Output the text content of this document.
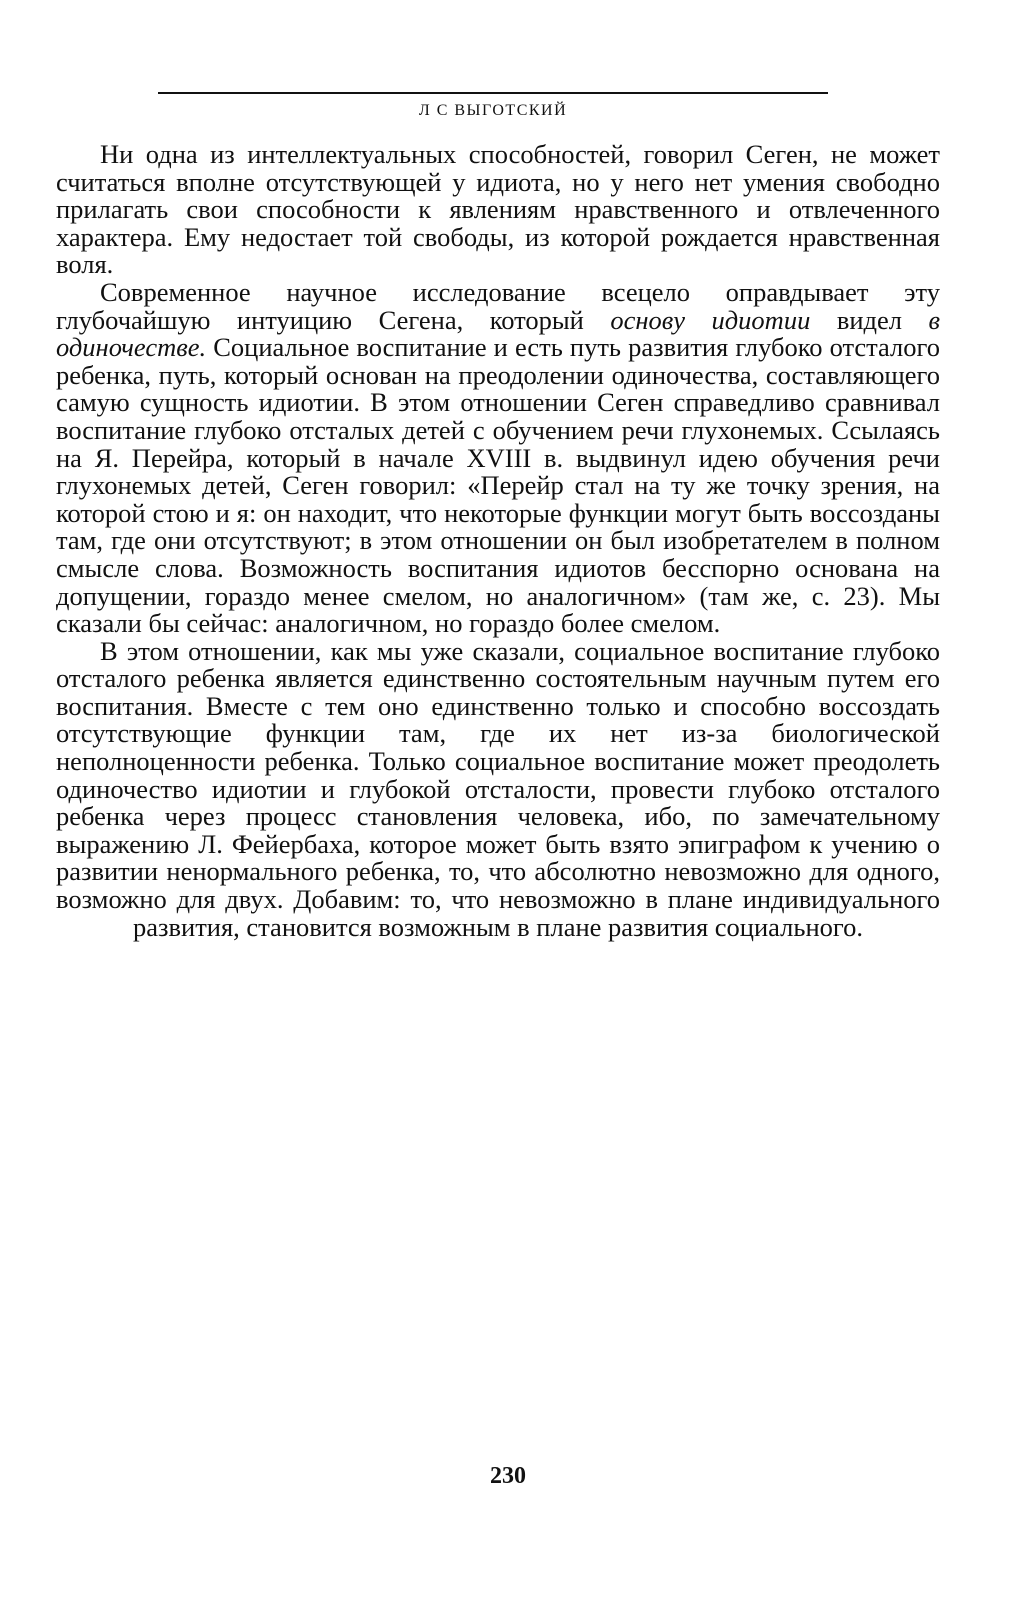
Л С ВЫГОТСКИЙ

Ни одна из интеллектуальных способностей, говорил Сеген, не может считаться вполне отсутствующей у идиота, но у него нет умения свободно прилагать свои способности к явлениям нравственного и отвлеченного характера. Ему недостает той свободы, из которой рождается нравственная воля.

Современное научное исследование всецело оправдывает эту глубочайшую интуицию Сегена, который основу идиотии видел в одиночестве. Социальное воспитание и есть путь развития глубоко отсталого ребенка, путь, который основан на преодолении одиночества, составляющего самую сущность идиотии. В этом отношении Сеген справедливо сравнивал воспитание глубоко отсталых детей с обучением речи глухонемых. Ссылаясь на Я. Перейра, который в начале XVIII в. выдвинул идею обучения речи глухонемых детей, Сеген говорил: «Перейр стал на ту же точку зрения, на которой стою и я: он находит, что некоторые функции могут быть воссозданы там, где они отсутствуют; в этом отношении он был изобретателем в полном смысле слова. Возможность воспитания идиотов бесспорно основана на допущении, гораздо менее смелом, но аналогичном» (там же, с. 23). Мы сказали бы сейчас: аналогичном, но гораздо более смелом.

В этом отношении, как мы уже сказали, социальное воспитание глубоко отсталого ребенка является единственно состоятельным научным путем его воспитания. Вместе с тем оно единственно только и способно воссоздать отсутствующие функции там, где их нет из-за биологической неполноценности ребенка. Только социальное воспитание может преодолеть одиночество идиотии и глубокой отсталости, провести глубоко отсталого ребенка через процесс становления человека, ибо, по замечательному выражению Л. Фейербаха, которое может быть взято эпиграфом к учению о развитии ненормального ребенка, то, что абсолютно невозможно для одного, возможно для двух. Добавим: то, что невозможно в плане индивидуального развития, становится возможным в плане развития социального.

230
